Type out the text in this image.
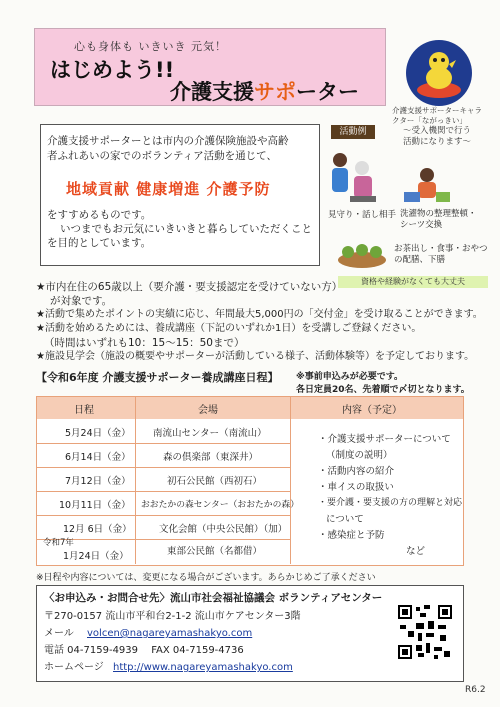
心も身体も いきいき 元気！
はじめよう!!
介護支援サポーター
介護支援サポーターキャラ
クター「ながっきい」
介護支援サポーターとは市内の介護保険施設や高齢
者ふれあいの家でのボランティア活動を通じて、
地域貢献 健康増進 介護予防
をすすめるものです。
いつまでもお元気にいきいきと暮らしていただくこと
を目的としています。
活動例	～受入機関で行う
活動になります～
見守り・話し相手 洗濯物の整理整頓・
シーツ交換
お茶出し・食事・おやつ
の配膳、下膳
資格や経験がなくても大丈夫
★市内在住の65歳以上（要介護・要支援認定を受けていない方）
が対象です。
★活動で集めたポイントの実績に応じ、年間最大5,000円の「交付金」を受け取ることができます。
★活動を始めるためには、養成講座（下記のいずれか1日）を受講しご登録ください。
（時間はいずれも10：15～15：50まで）
★施設見学会（施設の概要やサポーターが活動している様子、活動体験等）を予定しております。
【令和6年度 介護支援サポーター養成講座日程】 ※事前申込みが必要です。
各日定員20名、先着順で〆切となります。
日程	会場	内容（予定）
5月24日（金） 南流山センター（南流山）
6月14日（金）	森の倶楽部（東深井）
7月12日（金）	初石公民館（西初石）
10月11日（金） おおたかの森センター（おおたかの森）
12月 6日（金）	文化会館（中央公民館）（加）
令和7年
1月24日（金）	東部公民館（名都借）
・介護支援サポーターについて
（制度の説明）
・活動内容の紹介
・車イスの取扱い
・要介護・要支援の方の理解と対応
について
・感染症と予防
など
※日程や内容については、変更になる場合がございます。あらかじめご了承ください
〈お申込み・お問合せ先〉流山市社会福祉協議会 ボランティアセンター
〒270-0157 流山市平和台2-1-2 流山市ケアセンター3階
メール volcen@nagareyamashakyo.com
電話 04-7159-4939　 FAX 04-7159-4736
ホームページ http://www.nagareyamashakyo.com
R6.2
